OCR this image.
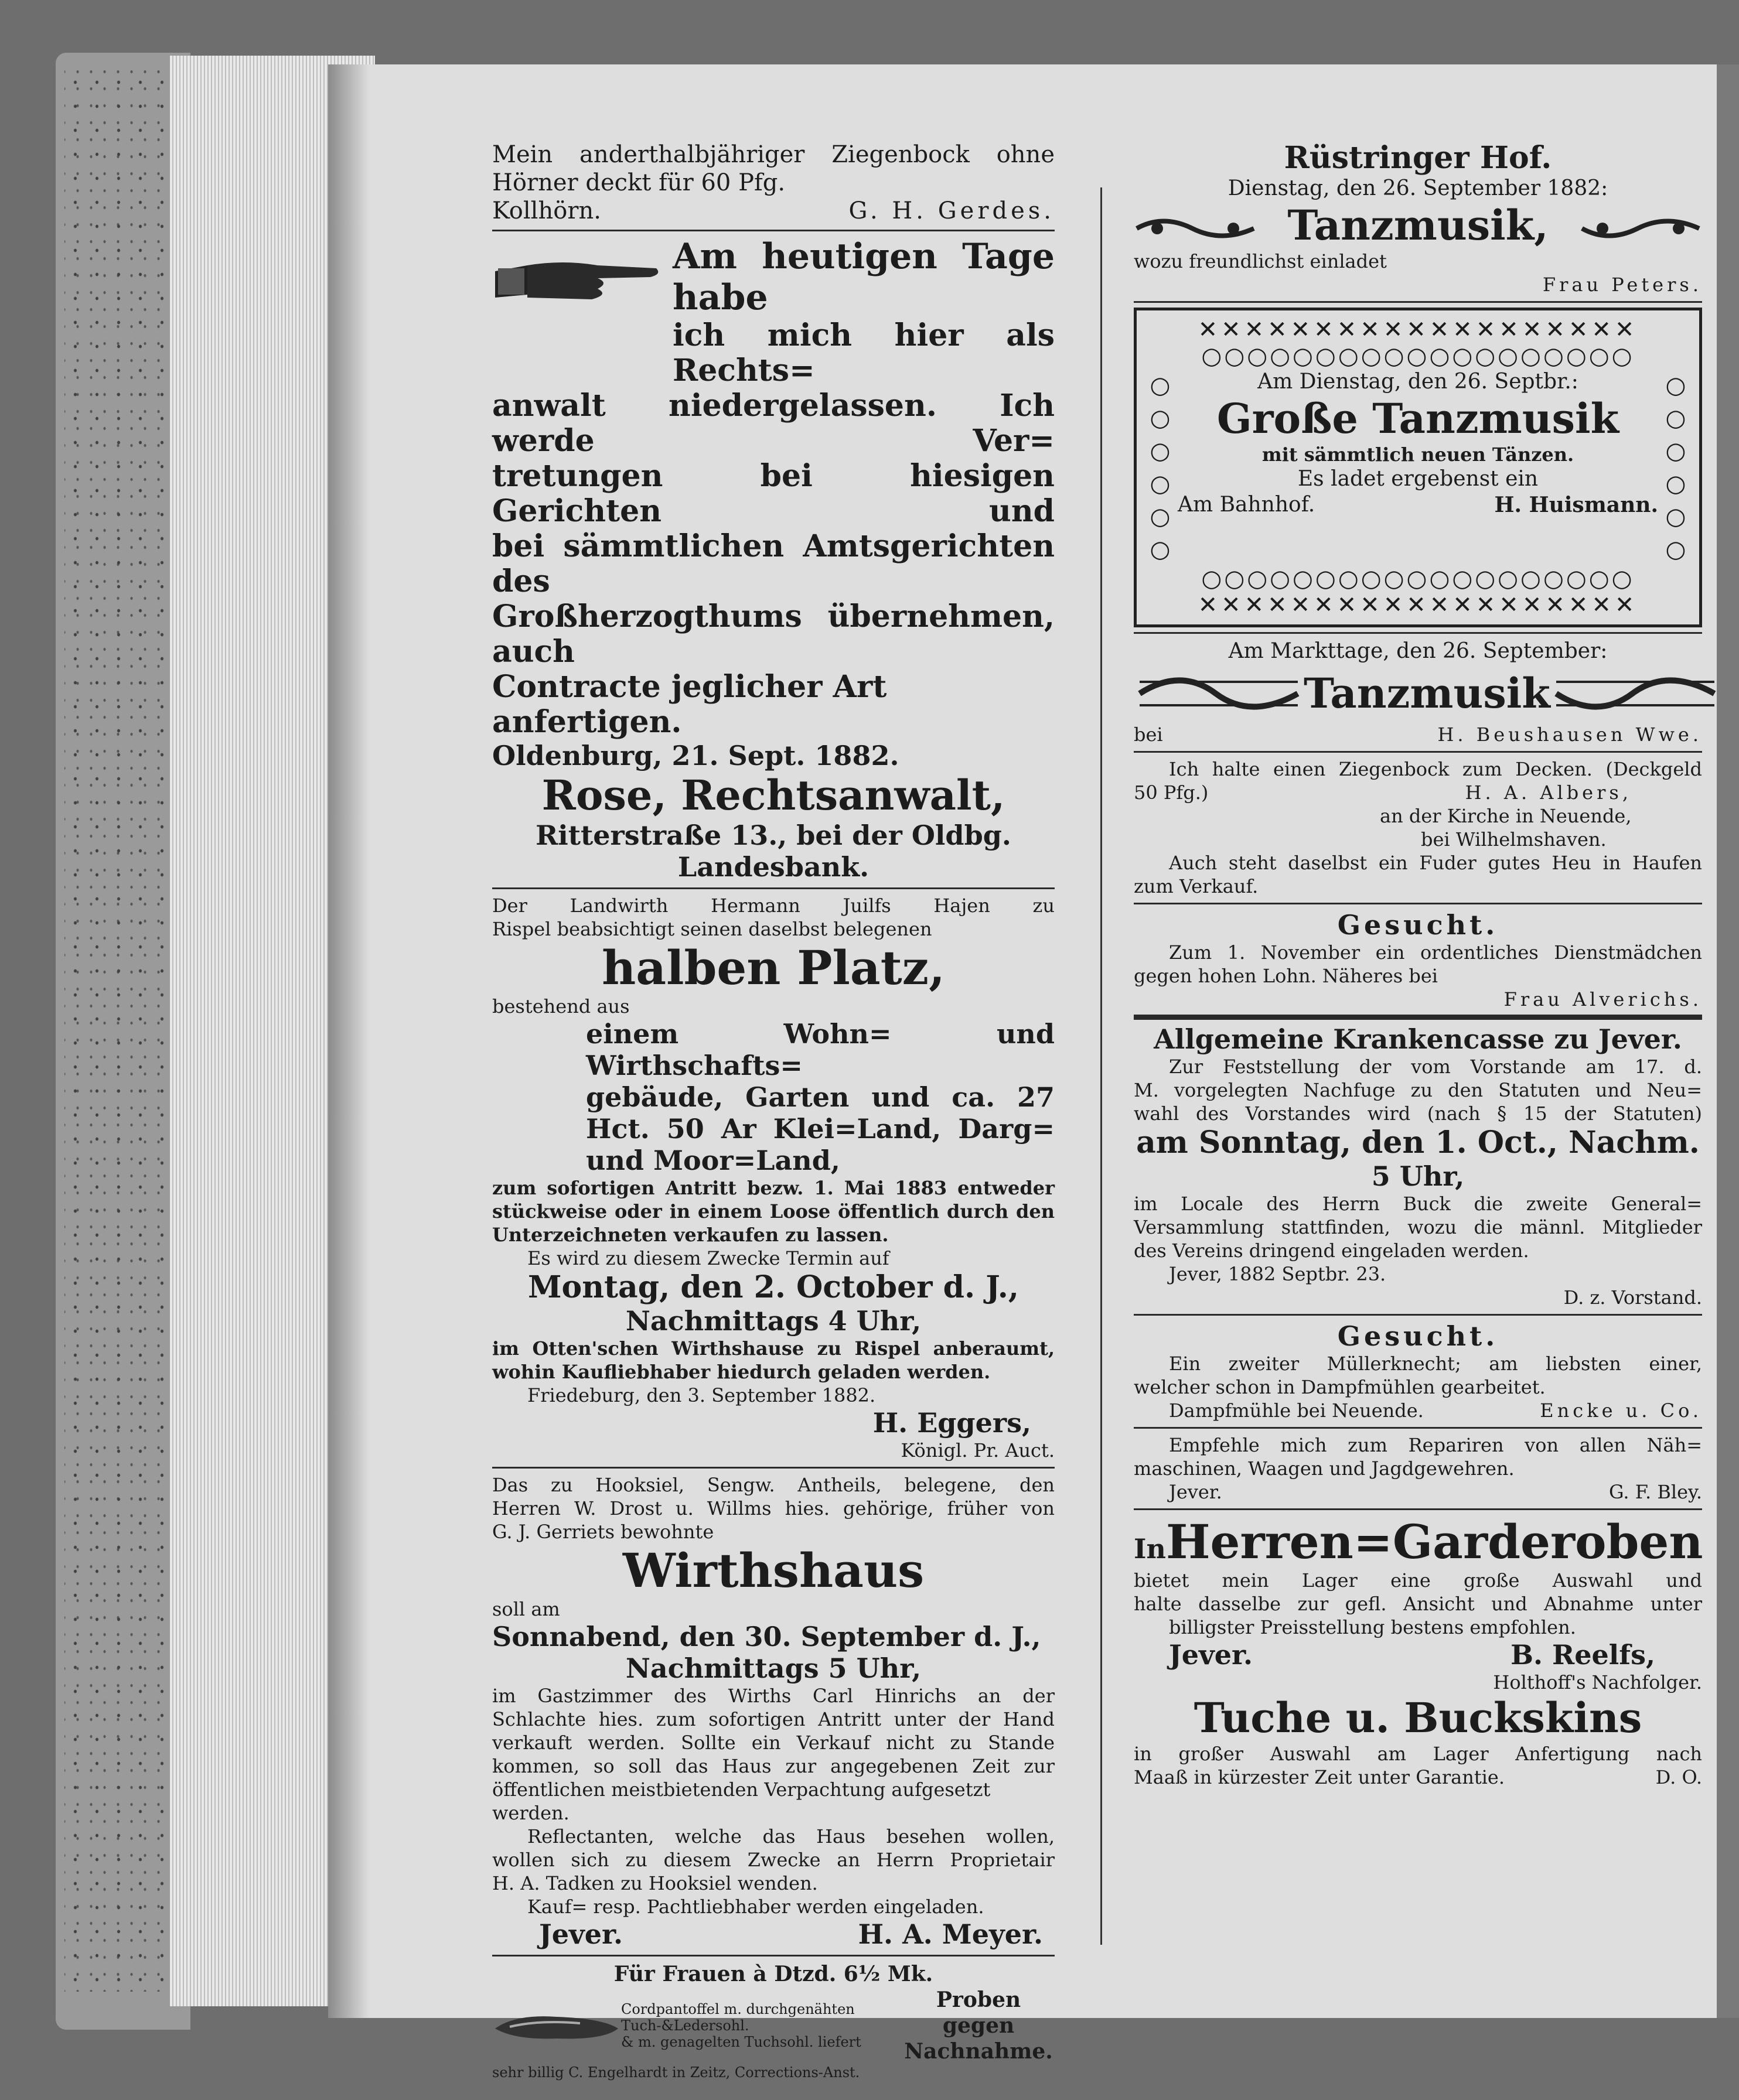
Mein anderthalbjähriger Ziegenbock ohne
Hörner deckt für 60 Pfg.
Kollhörn.	G. H. Gerdes.
Am heutigen Tage habe
ich mich hier als Rechts=
anwalt niedergelassen. Ich werde Ver=
tretungen bei hiesigen Gerichten und
bei sämmtlichen Amtsgerichten des
Großherzogthums übernehmen, auch
Contracte jeglicher Art anfertigen.
Oldenburg, 21. Sept. 1882.
Rose, Rechtsanwalt,
Ritterstraße 13., bei der Oldbg.
Landesbank.
Der Landwirth Hermann Juilfs Hajen zu
Rispel beabsichtigt seinen daselbst belegenen
halben Platz,
bestehend aus
einem Wohn= und Wirthschafts=
gebäude, Garten und ca. 27
Hct. 50 Ar Klei=Land, Darg=
und Moor=Land,
zum sofortigen Antritt bezw. 1. Mai 1883 entweder
stückweise oder in einem Loose öffentlich durch den
Unterzeichneten verkaufen zu lassen.
Es wird zu diesem Zwecke Termin auf
Montag, den 2. October d. J.,
Nachmittags 4 Uhr,
im Otten'schen Wirthshause zu Rispel anberaumt,
wohin Kaufliebhaber hiedurch geladen werden.
Friedeburg, den 3. September 1882.
H. Eggers,
Königl. Pr. Auct.
Das zu Hooksiel, Sengw. Antheils, belegene, den
Herren W. Drost u. Willms hies. gehörige, früher von
G. J. Gerriets bewohnte
Wirthshaus
soll am
Sonnabend, den 30. September d. J.,
Nachmittags 5 Uhr,
im Gastzimmer des Wirths Carl Hinrichs an der
Schlachte hies. zum sofortigen Antritt unter der Hand
verkauft werden. Sollte ein Verkauf nicht zu Stande
kommen, so soll das Haus zur angegebenen Zeit zur
öffentlichen meistbietenden Verpachtung aufgesetzt werden.
Reflectanten, welche das Haus besehen wollen,
wollen sich zu diesem Zwecke an Herrn Proprietair
H. A. Tadken zu Hooksiel wenden.
Kauf= resp. Pachtliebhaber werden eingeladen.
Jever.	H. A. Meyer.
Für Frauen à Dtzd. 6½ Mk.
Cordpantoffel m. durchgenähten
Tuch-&Ledersohl.
& m. genagelten Tuchsohl. liefert
Proben gegen
Nachnahme.
sehr billig C. Engelhardt in Zeitz, Corrections-Anst.
Rüstringer Hof.
Dienstag, den 26. September 1882:
Tanzmusik,
wozu freundlichst einladet
Frau Peters.
✕✕✕✕✕✕✕✕✕✕✕✕✕✕✕✕✕✕✕
○○○○○○○○○○○○○○○○○○○
○
○
○
○
○
○
Am Dienstag, den 26. Septbr.:
Große Tanzmusik
mit sämmtlich neuen Tänzen.
Es ladet ergebenst ein
Am Bahnhof.	H. Huismann.
○
○
○
○
○
○
○○○○○○○○○○○○○○○○○○○
✕✕✕✕✕✕✕✕✕✕✕✕✕✕✕✕✕✕✕
Am Markttage, den 26. September:
Tanzmusik
bei	H. Beushausen Wwe.
Ich halte einen Ziegenbock zum Decken. (Deckgeld
50 Pfg.)	H. A. Albers,
an der Kirche in Neuende,
bei Wilhelmshaven.
Auch steht daselbst ein Fuder gutes Heu in Haufen
zum Verkauf.
Gesucht.
Zum 1. November ein ordentliches Dienstmädchen
gegen hohen Lohn. Näheres bei
Frau Alverichs.
Allgemeine Krankencasse zu Jever.
Zur Feststellung der vom Vorstande am 17. d.
M. vorgelegten Nachfuge zu den Statuten und Neu=
wahl des Vorstandes wird (nach § 15 der Statuten)
am Sonntag, den 1. Oct., Nachm.
5 Uhr,
im Locale des Herrn Buck die zweite General=
Versammlung stattfinden, wozu die männl. Mitglieder
des Vereins dringend eingeladen werden.
Jever, 1882 Septbr. 23.
D. z. Vorstand.
Gesucht.
Ein zweiter Müllerknecht; am liebsten einer,
welcher schon in Dampfmühlen gearbeitet.
Dampfmühle bei Neuende.	Encke u. Co.
Empfehle mich zum Repariren von allen Näh=
maschinen, Waagen und Jagdgewehren.
Jever.	G. F. Bley.
In Herren=Garderoben
bietet mein Lager eine große Auswahl und
halte dasselbe zur gefl. Ansicht und Abnahme unter
billigster Preisstellung bestens empfohlen.
Jever.	B. Reelfs,
Holthoff's Nachfolger.
Tuche u. Buckskins
in großer Auswahl am Lager Anfertigung nach
Maaß in kürzester Zeit unter Garantie.	D. O.
